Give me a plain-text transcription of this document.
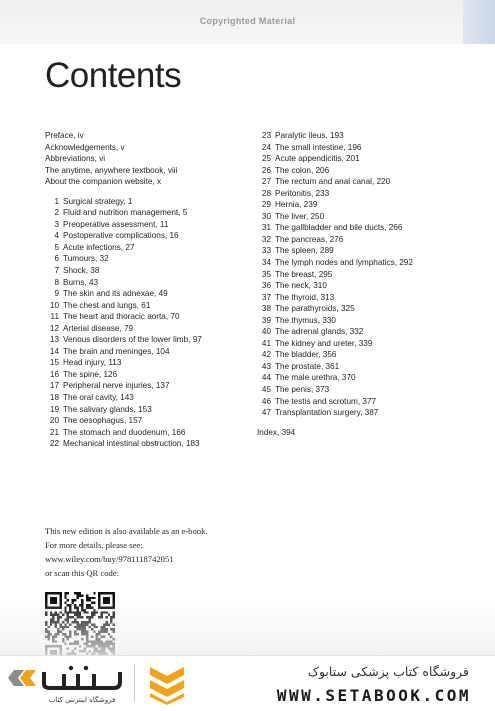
Copyrighted Material
Contents
Preface, iv
Acknowledgements, v
Abbreviations, vi
The anytime, anywhere textbook, viii
About the companion website, x
1 Surgical strategy, 1
2 Fluid and nutrition management, 5
3 Preoperative assessment, 11
4 Postoperative complications, 16
5 Acute infections, 27
6 Tumours, 32
7 Shock, 38
8 Burns, 43
9 The skin and its adnexae, 49
10 The chest and lungs, 61
11 The heart and thoracic aorta, 70
12 Arterial disease, 79
13 Venous disorders of the lower limb, 97
14 The brain and meninges, 104
15 Head injury, 113
16 The spine, 126
17 Peripheral nerve injuries, 137
18 The oral cavity, 143
19 The salivary glands, 153
20 The oesophagus, 157
21 The stomach and duodenum, 166
22 Mechanical intestinal obstruction, 183
23 Paralytic ileus, 193
24 The small intestine, 196
25 Acute appendicitis, 201
26 The colon, 206
27 The rectum and anal canal, 220
28 Peritonitis, 233
29 Hernia, 239
30 The liver, 250
31 The gallbladder and bile ducts, 266
32 The pancreas, 276
33 The spleen, 289
34 The lymph nodes and lymphatics, 292
35 The breast, 295
36 The neck, 310
37 The thyroid, 313
38 The parathyroids, 325
39 The thymus, 330
40 The adrenal glands, 332
41 The kidney and ureter, 339
42 The bladder, 356
43 The prostate, 361
44 The male urethra, 370
45 The penis, 373
46 The testis and scrotum, 377
47 Transplantation surgery, 387
Index, 394
This new edition is also available as an e-book.
For more details, please see:
www.wiley.com/buy/9781118742051
or scan this QR code:
فروشگاه اینترنتی کتاب
فروشگاه کتاب پزشکی ستابوک
WWW.SETABOOK.COM
